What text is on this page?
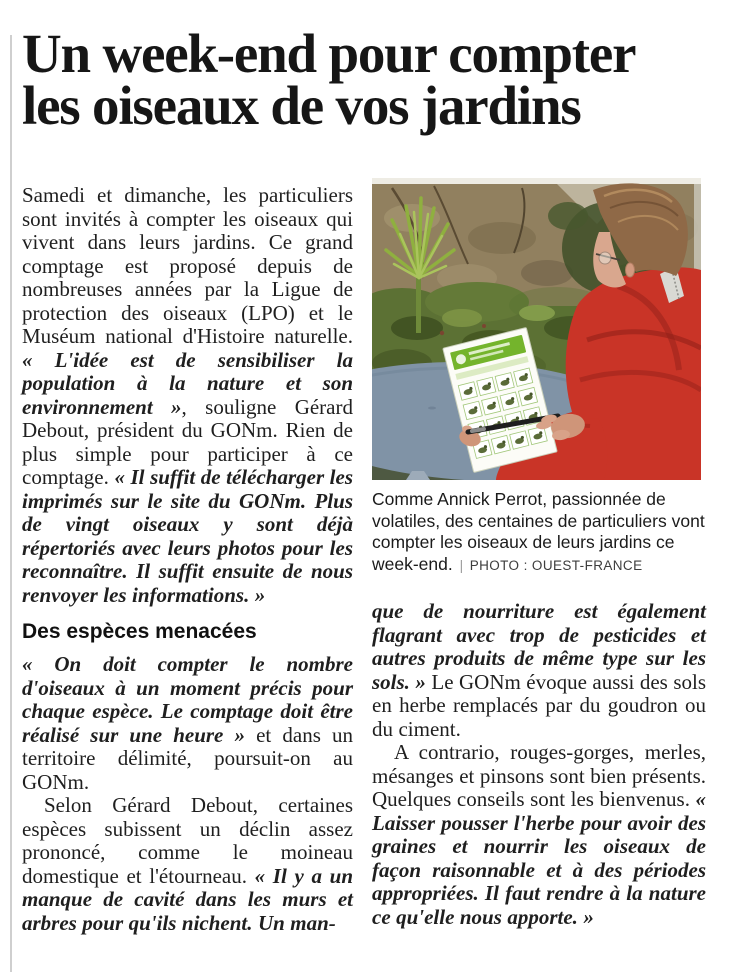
Un week-end pour compter
les oiseaux de vos jardins

Samedi et dimanche, les particuliers sont invités à compter les oiseaux qui vivent dans leurs jardins. Ce grand comptage est proposé depuis de nombreuses années par la Ligue de protection des oiseaux (LPO) et le Muséum national d'Histoire naturelle. « L'idée est de sensibiliser la population à la nature et son environnement », souligne Gérard Debout, président du GONm. Rien de plus simple pour participer à ce comptage. « Il suffit de télécharger les imprimés sur le site du GONm. Plus de vingt oiseaux y sont déjà répertoriés avec leurs photos pour les reconnaître. Il suffit ensuite de nous renvoyer les informations. »

Des espèces menacées

« On doit compter le nombre d'oiseaux à un moment précis pour chaque espèce. Le comptage doit être réalisé sur une heure » et dans un territoire délimité, poursuit-on au GONm.

Selon Gérard Debout, certaines espèces subissent un déclin assez prononcé, comme le moineau domestique et l'étourneau. « Il y a un manque de cavité dans les murs et arbres pour qu'ils nichent. Un man-

Comme Annick Perrot, passionnée de volatiles, des centaines de particuliers vont compter les oiseaux de leurs jardins ce week-end. | PHOTO : OUEST-FRANCE

que de nourriture est également flagrant avec trop de pesticides et autres produits de même type sur les sols. » Le GONm évoque aussi des sols en herbe remplacés par du goudron ou du ciment.

A contrario, rouges-gorges, merles, mésanges et pinsons sont bien présents. Quelques conseils sont les bienvenus. « Laisser pousser l'herbe pour avoir des graines et nourrir les oiseaux de façon raisonnable et à des périodes appropriées. Il faut rendre à la nature ce qu'elle nous apporte. »
